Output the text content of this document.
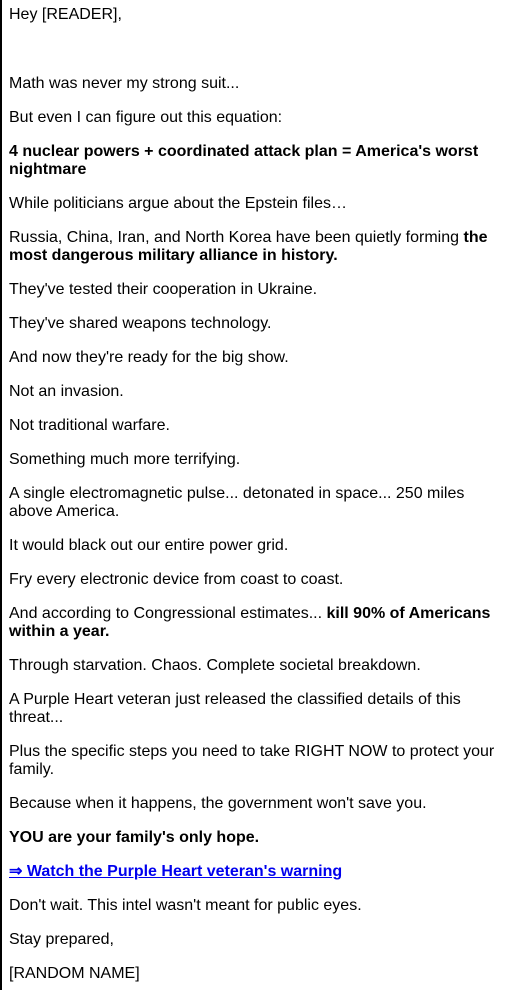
Hey [READER],

Math was never my strong suit...

But even I can figure out this equation:

4 nuclear powers + coordinated attack plan = America's worst nightmare

While politicians argue about the Epstein files…

Russia, China, Iran, and North Korea have been quietly forming the most dangerous military alliance in history.

They've tested their cooperation in Ukraine.

They've shared weapons technology.

And now they're ready for the big show.

Not an invasion.

Not traditional warfare.

Something much more terrifying.

A single electromagnetic pulse... detonated in space... 250 miles above America.

It would black out our entire power grid.

Fry every electronic device from coast to coast.

And according to Congressional estimates... kill 90% of Americans within a year.

Through starvation. Chaos. Complete societal breakdown.

A Purple Heart veteran just released the classified details of this threat...

Plus the specific steps you need to take RIGHT NOW to protect your family.

Because when it happens, the government won't save you.

YOU are your family's only hope.

⇒ Watch the Purple Heart veteran's warning

Don't wait. This intel wasn't meant for public eyes.

Stay prepared,

[RANDOM NAME]
